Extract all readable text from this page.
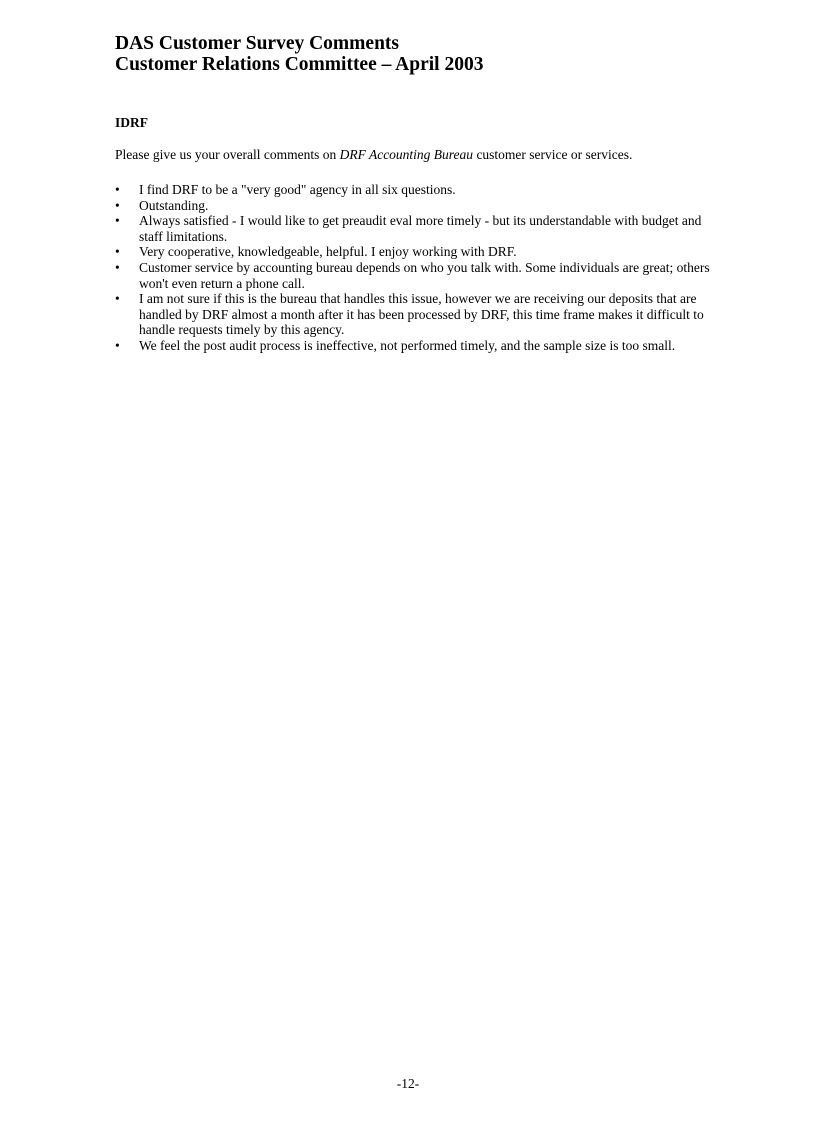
DAS Customer Survey Comments
Customer Relations Committee – April 2003
IDRF
Please give us your overall comments on DRF Accounting Bureau customer service or services.
•	I find DRF to be a "very good" agency in all six questions.
•	Outstanding.
•	Always satisfied - I would like to get preaudit eval more timely - but its understandable with budget and staff limitations.
•	Very cooperative, knowledgeable, helpful. I enjoy working with DRF.
•	Customer service by accounting bureau depends on who you talk with. Some individuals are great; others won't even return a phone call.
•	I am not sure if this is the bureau that handles this issue, however we are receiving our deposits that are handled by DRF almost a month after it has been processed by DRF, this time frame makes it difficult to handle requests timely by this agency.
•	We feel the post audit process is ineffective, not performed timely, and the sample size is too small.
-12-
